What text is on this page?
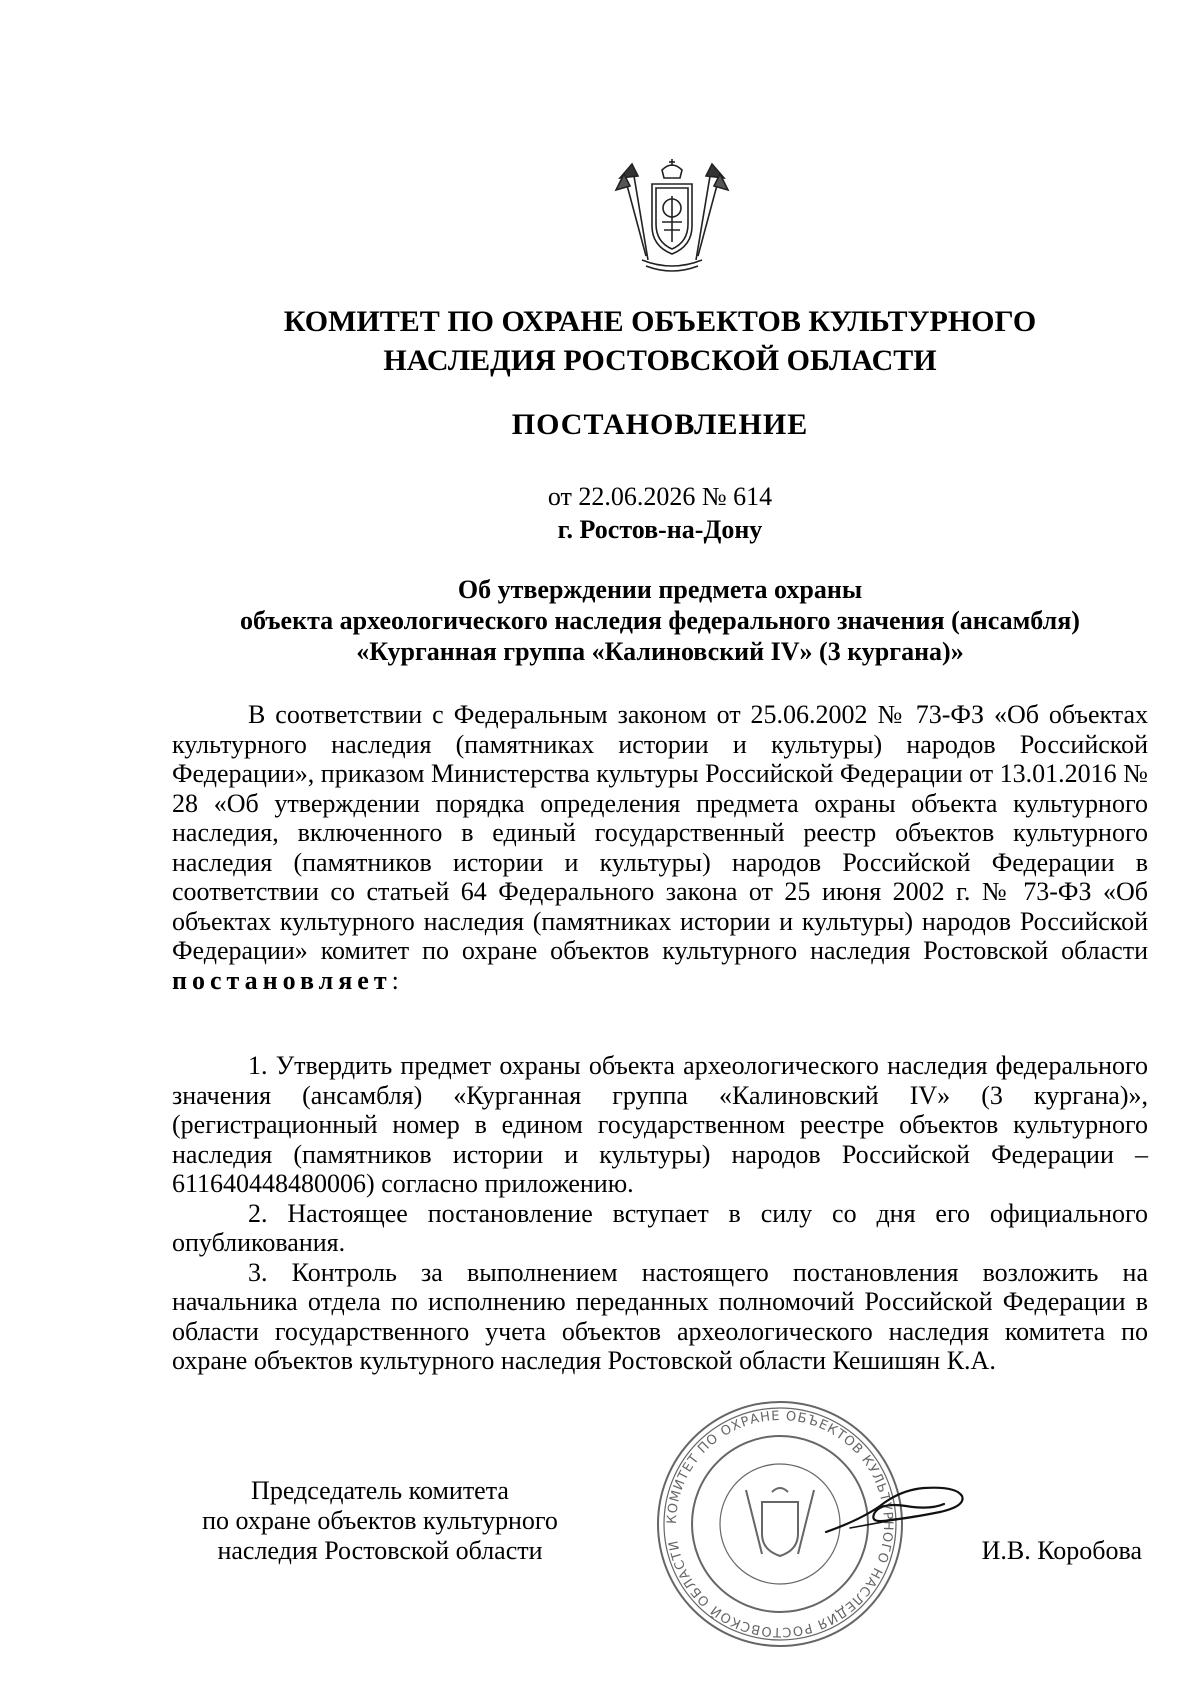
КОМИТЕТ ПО ОХРАНЕ ОБЪЕКТОВ КУЛЬТУРНОГО
НАСЛЕДИЯ РОСТОВСКОЙ ОБЛАСТИ
ПОСТАНОВЛЕНИЕ
от 22.06.2026 № 614
г. Ростов-на-Дону
Об утверждении предмета охраны
объекта археологического наследия федерального значения (ансамбля)
«Курганная группа «Калиновский IV» (3 кургана)»

В соответствии с Федеральным законом от 25.06.2002 № 73-ФЗ «Об объектах культурного наследия (памятниках истории и культуры) народов Российской Федерации», приказом Министерства культуры Российской Федерации от 13.01.2016 № 28 «Об утверждении порядка определения предмета охраны объекта культурного наследия, включенного в единый государственный реестр объектов культурного наследия (памятников истории и культуры) народов Российской Федерации в соответствии со статьей 64 Федерального закона от 25 июня 2002 г. № 73-ФЗ «Об объектах культурного наследия (памятниках истории и культуры) народов Российской Федерации» комитет по охране объектов культурного наследия Ростовской области постановляет:

1. Утвердить предмет охраны объекта археологического наследия федерального значения (ансамбля) «Курганная группа «Калиновский IV» (3 кургана)», (регистрационный номер в едином государственном реестре объектов культурного наследия (памятников истории и культуры) народов Российской Федерации – 611640448480006) согласно приложению.

2. Настоящее постановление вступает в силу со дня его официального опубликования.

3. Контроль за выполнением настоящего постановления возложить на начальника отдела по исполнению переданных полномочий Российской Федерации в области государственного учета объектов археологического наследия комитета по охране объектов культурного наследия Ростовской области Кешишян К.А.

Председатель комитета
по охране объектов культурного
наследия Ростовской области
КОМИТЕТ ПО ОХРАНЕ ОБЪЕКТОВ КУЛЬТУРНОГО НАСЛЕДИЯ РОСТОВСКОЙ ОБЛАСТИ	И.В. Коробова
